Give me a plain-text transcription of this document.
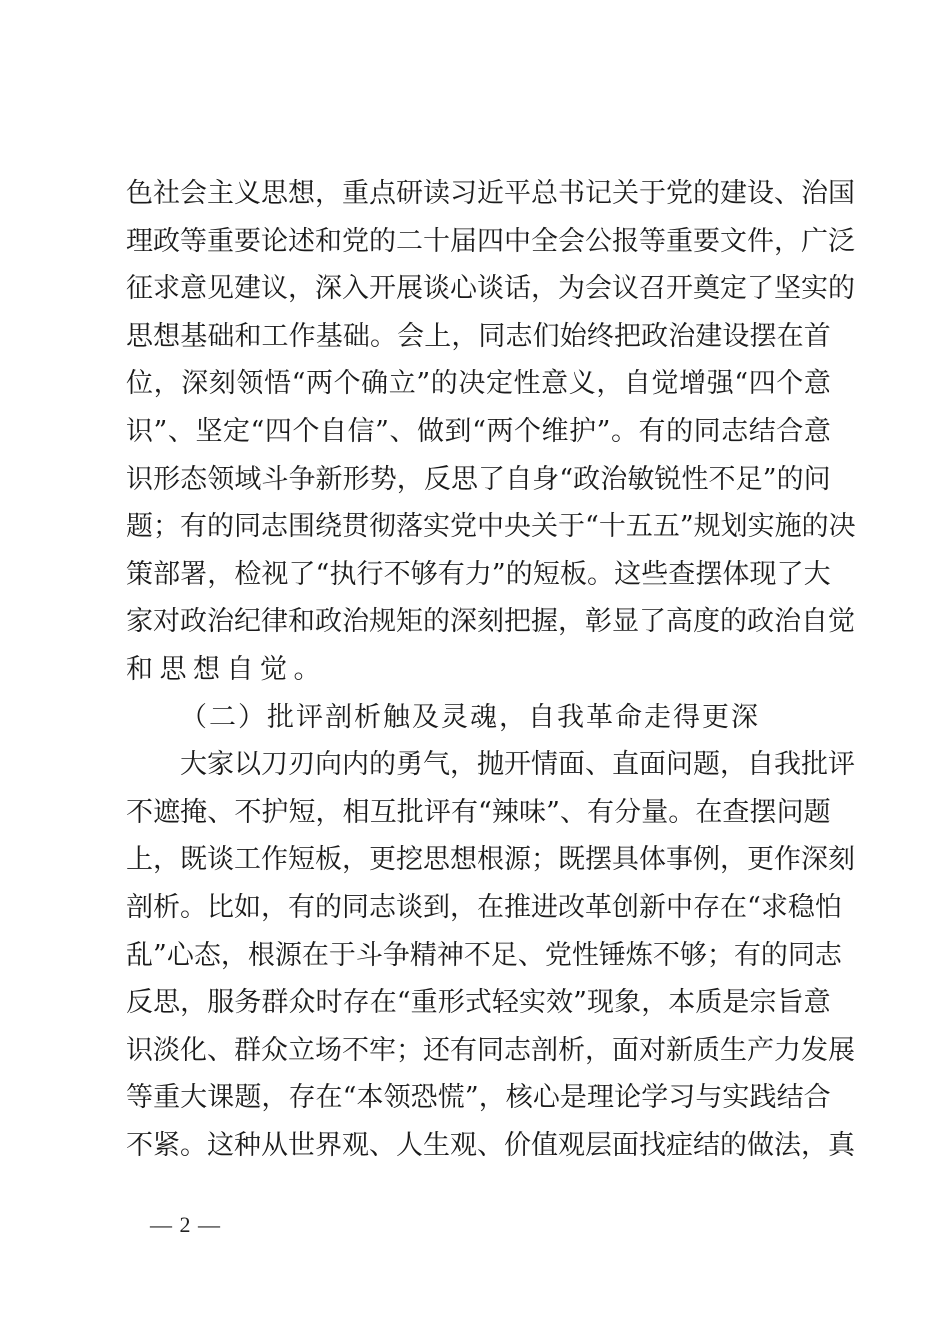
色 社 会 主 义 思 想 ， 重 点 研 读 习 近 平 总 书 记 关 于 党 的 建 设 、 治 国
理 政 等 重 要 论 述 和 党 的 二 十 届 四 中 全 会 公 报 等 重 要 文 件 ， 广 泛
征 求 意 见 建 议 ， 深 入 开 展 谈 心 谈 话 ， 为 会 议 召 开 奠 定 了 坚 实 的
思 想 基 础 和 工 作 基 础 。 会 上 ， 同 志 们 始 终 把 政 治 建 设 摆 在 首
位 ， 深 刻 领 悟 “ 两 个 确 立 ” 的 决 定 性 意 义 ， 自 觉 增 强 “ 四 个 意
识 ” 、 坚 定 “ 四 个 自 信 ” 、 做 到 “ 两 个 维 护 ” 。 有 的 同 志 结 合 意
识 形 态 领 域 斗 争 新 形 势 ， 反 思 了 自 身 “ 政 治 敏 锐 性 不 足 ” 的 问
题 ； 有 的 同 志 围 绕 贯 彻 落 实 党 中 央 关 于 “ 十 五 五 ” 规 划 实 施 的 决
策 部 署 ， 检 视 了 “ 执 行 不 够 有 力 ” 的 短 板 。 这 些 查 摆 体 现 了 大
家 对 政 治 纪 律 和 政 治 规 矩 的 深 刻 把 握 ， 彰 显 了 高 度 的 政 治 自 觉
和思想自觉。
（二）批评剖析触及灵魂，自我革命走得更深
大 家 以 刀 刃 向 内 的 勇 气 ， 抛 开 情 面 、 直 面 问 题 ， 自 我 批 评
不 遮 掩 、 不 护 短 ， 相 互 批 评 有 “ 辣 味 ” 、 有 分 量 。 在 查 摆 问 题
上 ， 既 谈 工 作 短 板 ， 更 挖 思 想 根 源 ； 既 摆 具 体 事 例 ， 更 作 深 刻
剖 析 。 比 如 ， 有 的 同 志 谈 到 ， 在 推 进 改 革 创 新 中 存 在 “ 求 稳 怕
乱 ” 心 态 ， 根 源 在 于 斗 争 精 神 不 足 、 党 性 锤 炼 不 够 ； 有 的 同 志
反 思 ， 服 务 群 众 时 存 在 “ 重 形 式 轻 实 效 ” 现 象 ， 本 质 是 宗 旨 意
识 淡 化 、 群 众 立 场 不 牢 ； 还 有 同 志 剖 析 ， 面 对 新 质 生 产 力 发 展
等 重 大 课 题 ， 存 在 “ 本 领 恐 慌 ” ， 核 心 是 理 论 学 习 与 实 践 结 合
不 紧 。 这 种 从 世 界 观 、 人 生 观 、 价 值 观 层 面 找 症 结 的 做 法 ， 真
— 2 —
